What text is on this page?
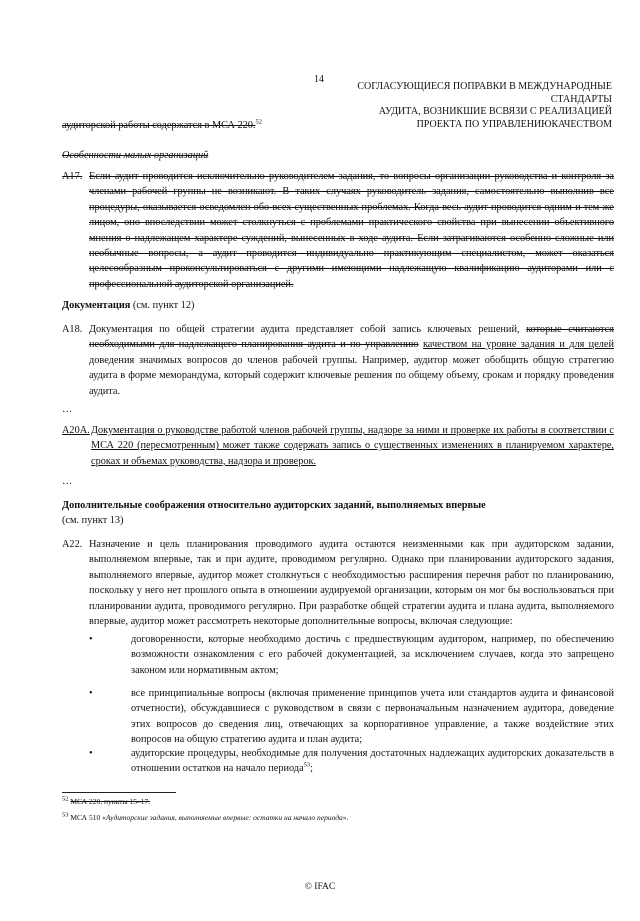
14
СОГЛАСУЮЩИЕСЯ ПОПРАВКИ В МЕЖДУНАРОДНЫЕ СТАНДАРТЫ
АУДИТА, ВОЗНИКШИЕ ВСВЯЗИ С РЕАЛИЗАЦИЕЙ
ПРОЕКТА ПО УПРАВЛЕНИЮКАЧЕСТВОМ
аудиторской работы содержатся в МСА 220.52
Особенности малых организаций
A17. Если аудит проводится исключительно руководителем задания, то вопросы организации руководства и контроля за членами рабочей группы не возникают. В таких случаях руководитель задания, самостоятельно выполнив все процедуры, оказывается осведомлен обо всех существенных проблемах. Когда весь аудит проводится одним и тем же лицом, оно впоследствии может столкнуться с проблемами практического свойства при вынесении объективного мнения о надлежащем характере суждений, вынесенных в ходе аудита. Если затрагиваются особенно сложные или необычные вопросы, а аудит проводится индивидуально практикующим специалистом, может оказаться целесообразным проконсультироваться с другими имеющими надлежащую квалификацию аудиторами или с профессиональной аудиторской организацией.
Документация (см. пункт 12)
A18. Документация по общей стратегии аудита представляет собой запись ключевых решений, которые считаются необходимыми для надлежащего планирования аудита и по управлению качеством на уровне задания и для целей доведения значимых вопросов до членов рабочей группы. Например, аудитор может обобщить общую стратегию аудита в форме меморандума, который содержит ключевые решения по общему объему, срокам и порядку проведения аудита.
…
A20A. Документация о руководстве работой членов рабочей группы, надзоре за ними и проверке их работы в соответствии с МСА 220 (пересмотренным) может также содержать запись о существенных изменениях в планируемом характере, сроках и объемах руководства, надзора и проверок.
…
Дополнительные соображения относительно аудиторских заданий, выполняемых впервые
(см. пункт 13)
A22. Назначение и цель планирования проводимого аудита остаются неизменными как при аудиторском задании, выполняемом впервые, так и при аудите, проводимом регулярно. Однако при планировании аудиторского задания, выполняемого впервые, аудитор может столкнуться с необходимостью расширения перечня работ по планированию, поскольку у него нет прошлого опыта в отношении аудируемой организации, которым он мог бы воспользоваться при планировании аудита, проводимого регулярно. При разработке общей стратегии аудита и плана аудита, выполняемого впервые, аудитор может рассмотреть некоторые дополнительные вопросы, включая следующие:
•	договоренности, которые необходимо достичь с предшествующим аудитором, например, по обеспечению возможности ознакомления с его рабочей документацией, за исключением случаев, когда это запрещено законом или нормативным актом;
•	все принципиальные вопросы (включая применение принципов учета или стандартов аудита и финансовой отчетности), обсуждавшиеся с руководством в связи с первоначальным назначением аудитора, доведение этих вопросов до сведения лиц, отвечающих за корпоративное управление, а также воздействие этих вопросов на общую стратегию аудита и план аудита;
•	аудиторские процедуры, необходимые для получения достаточных надлежащих аудиторских доказательств в отношении остатков на начало периода$^{53}$;
$^{52}$ МСА 220, пункты 15–17.
$^{53}$ МСА 510 «Аудиторские задания, выполняемые впервые: остатки на начало периода».
© IFAC
